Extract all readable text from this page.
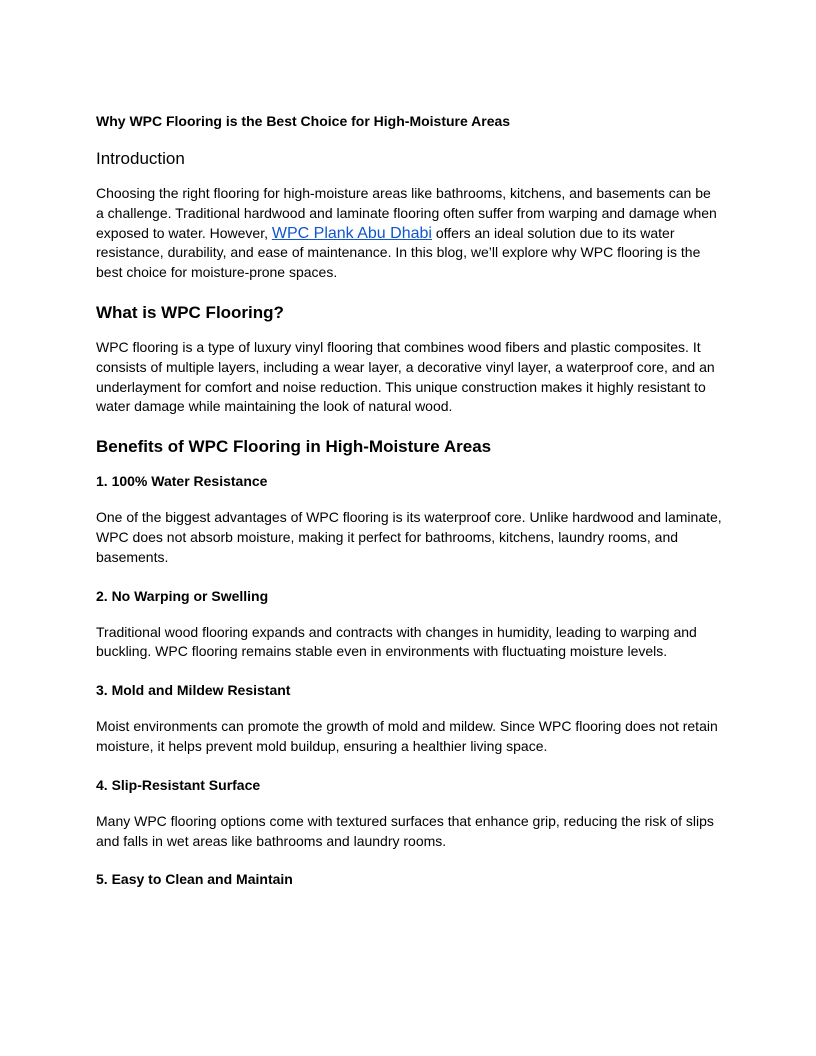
Why WPC Flooring is the Best Choice for High-Moisture Areas
Introduction

Choosing the right flooring for high-moisture areas like bathrooms, kitchens, and basements can be a challenge. Traditional hardwood and laminate flooring often suffer from warping and damage when exposed to water. However, WPC Plank Abu Dhabi offers an ideal solution due to its water resistance, durability, and ease of maintenance. In this blog, we’ll explore why WPC flooring is the best choice for moisture-prone spaces.

What is WPC Flooring?

WPC flooring is a type of luxury vinyl flooring that combines wood fibers and plastic composites. It consists of multiple layers, including a wear layer, a decorative vinyl layer, a waterproof core, and an underlayment for comfort and noise reduction. This unique construction makes it highly resistant to water damage while maintaining the look of natural wood.

Benefits of WPC Flooring in High-Moisture Areas
1. 100% Water Resistance

One of the biggest advantages of WPC flooring is its waterproof core. Unlike hardwood and laminate, WPC does not absorb moisture, making it perfect for bathrooms, kitchens, laundry rooms, and basements.

2. No Warping or Swelling

Traditional wood flooring expands and contracts with changes in humidity, leading to warping and buckling. WPC flooring remains stable even in environments with fluctuating moisture levels.

3. Mold and Mildew Resistant

Moist environments can promote the growth of mold and mildew. Since WPC flooring does not retain moisture, it helps prevent mold buildup, ensuring a healthier living space.

4. Slip-Resistant Surface

Many WPC flooring options come with textured surfaces that enhance grip, reducing the risk of slips and falls in wet areas like bathrooms and laundry rooms.

5. Easy to Clean and Maintain
